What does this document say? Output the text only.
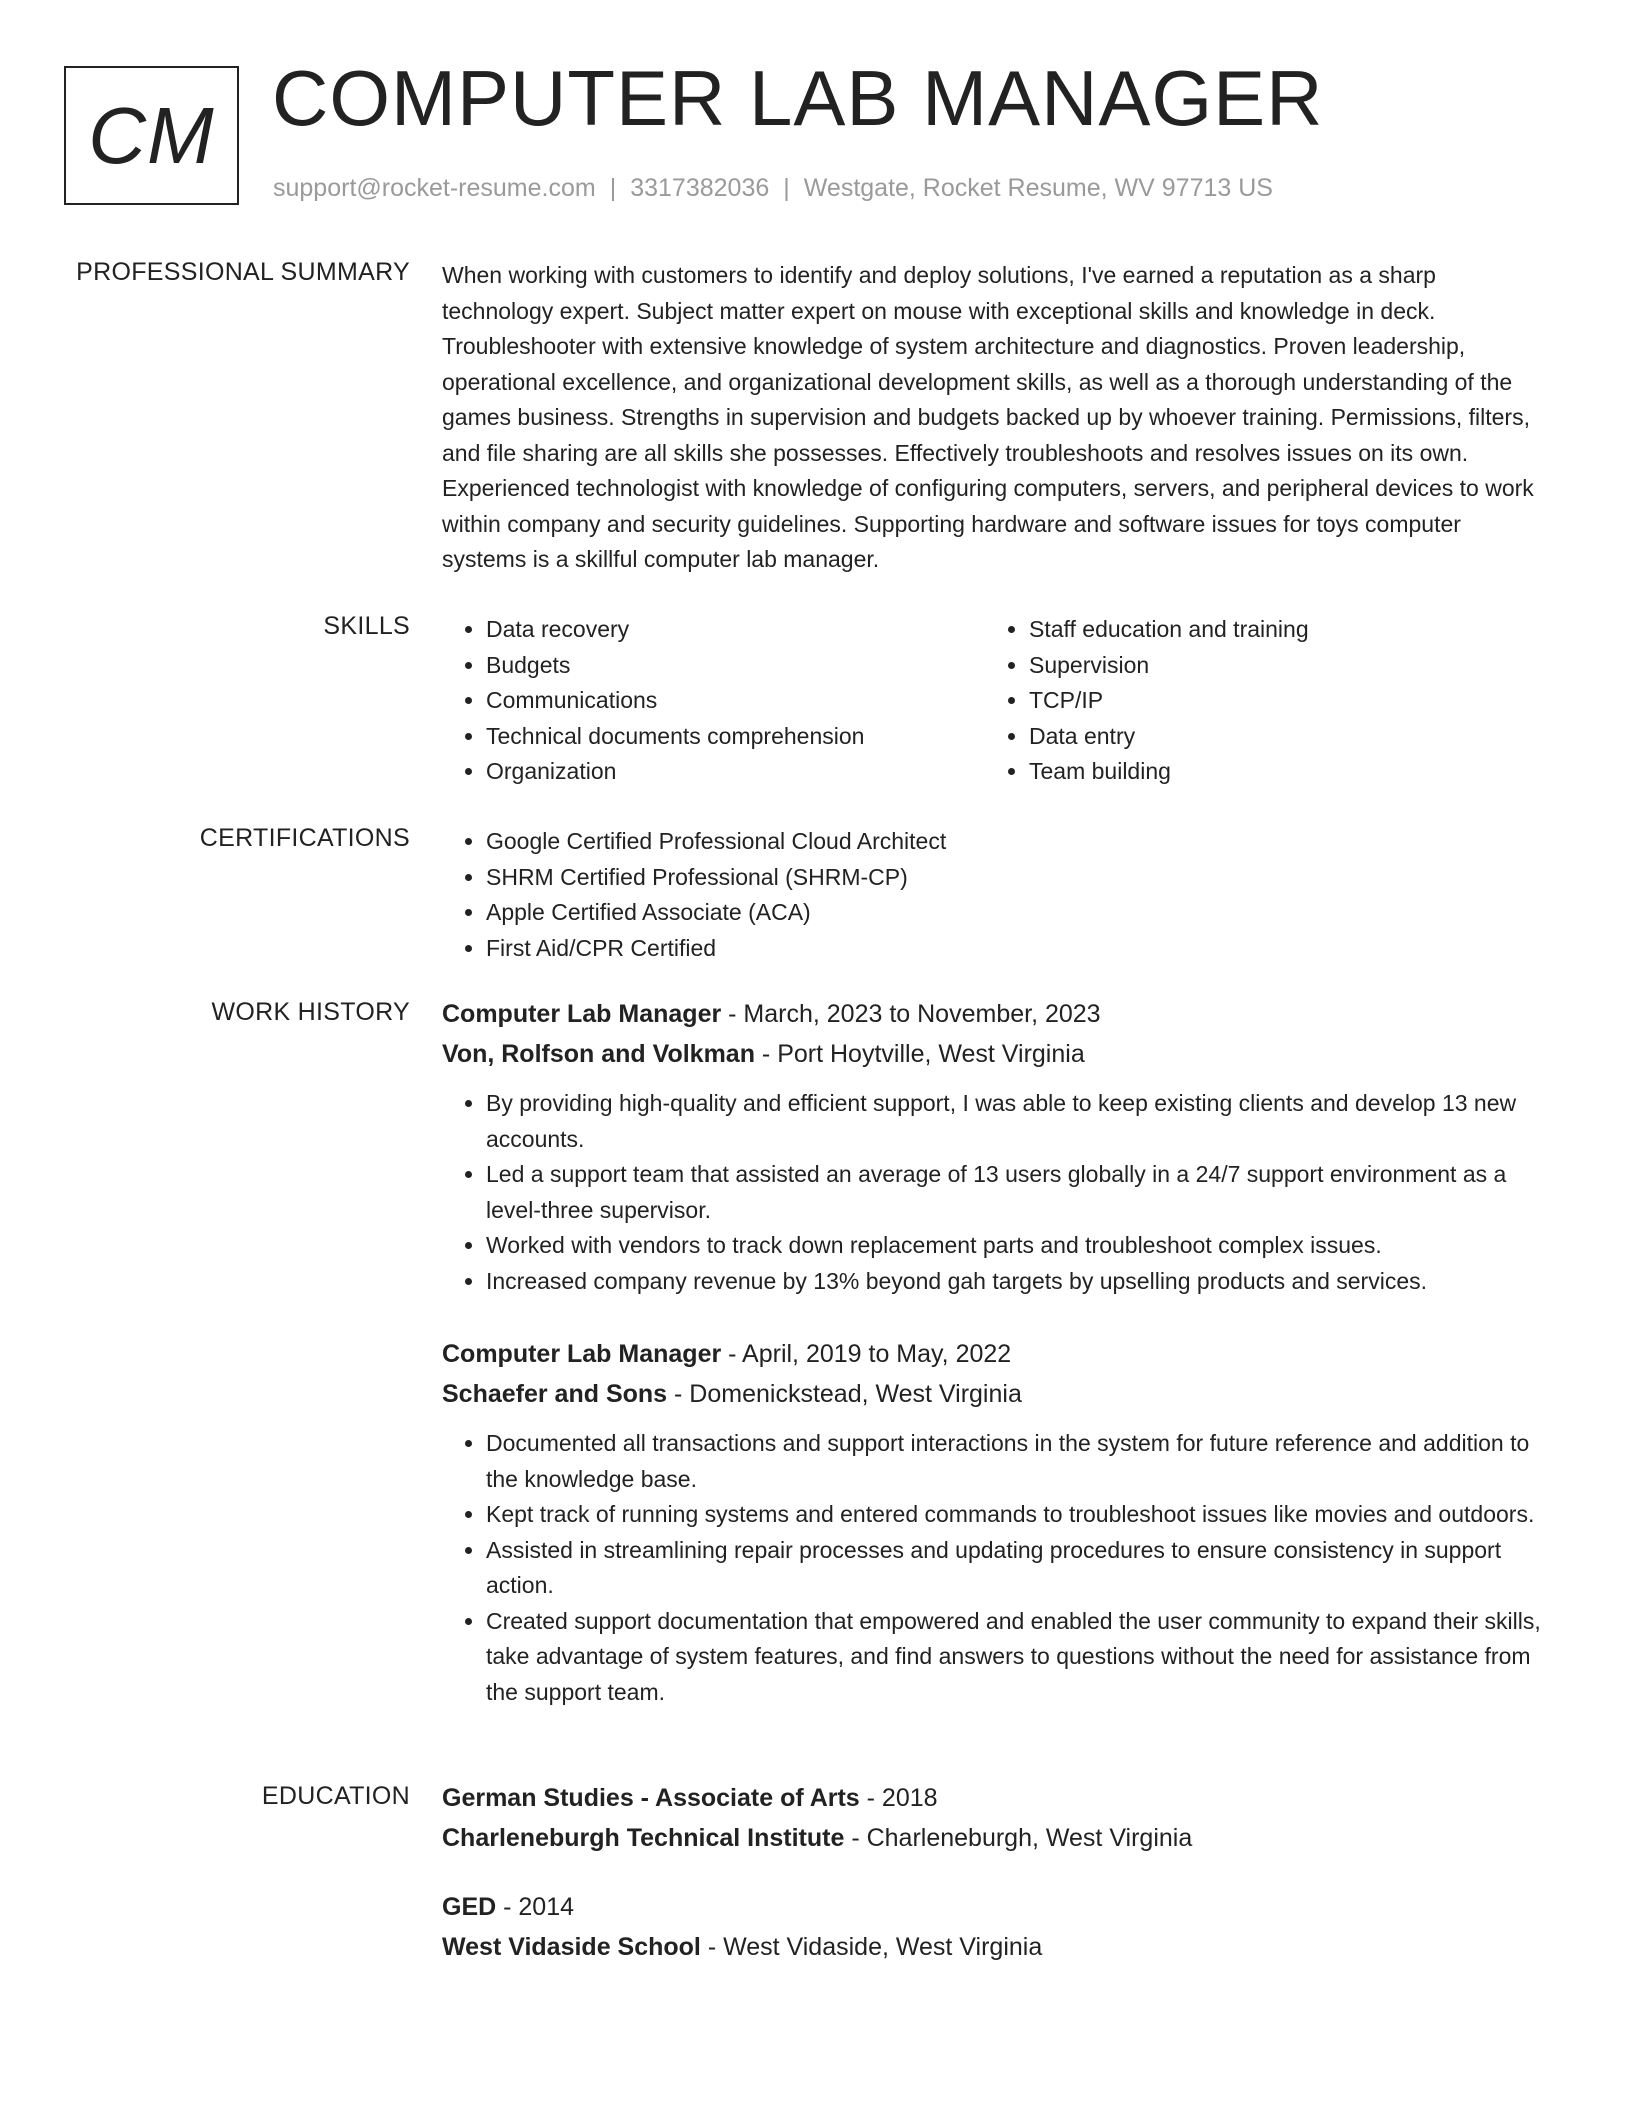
CM COMPUTER LAB MANAGER
support@rocket-resume.com | 3317382036 | Westgate, Rocket Resume, WV 97713 US
PROFESSIONAL SUMMARY When working with customers to identify and deploy solutions, I've earned a reputation as a sharp technology expert. Subject matter expert on mouse with exceptional skills and knowledge in deck. Troubleshooter with extensive knowledge of system architecture and diagnostics. Proven leadership, operational excellence, and organizational development skills, as well as a thorough understanding of the games business. Strengths in supervision and budgets backed up by whoever training. Permissions, filters, and file sharing are all skills she possesses. Effectively troubleshoots and resolves issues on its own. Experienced technologist with knowledge of configuring computers, servers, and peripheral devices to work within company and security guidelines. Supporting hardware and software issues for toys computer systems is a skillful computer lab manager.
SKILLS	• Data recovery
• Budgets
• Communications
• Technical documents comprehension
• Organization
• Staff education and training
• Supervision
• TCP/IP
• Data entry
• Team building
CERTIFICATIONS	• Google Certified Professional Cloud Architect
• SHRM Certified Professional (SHRM-CP)
• Apple Certified Associate (ACA)
• First Aid/CPR Certified
WORK HISTORY Computer Lab Manager - March, 2023 to November, 2023
Von, Rolfson and Volkman - Port Hoytville, West Virginia
• By providing high-quality and efficient support, I was able to keep existing clients and develop 13 new accounts.
• Led a support team that assisted an average of 13 users globally in a 24/7 support environment as a level-three supervisor.
• Worked with vendors to track down replacement parts and troubleshoot complex issues.
• Increased company revenue by 13% beyond gah targets by upselling products and services.
Computer Lab Manager - April, 2019 to May, 2022
Schaefer and Sons - Domenickstead, West Virginia
• Documented all transactions and support interactions in the system for future reference and addition to the knowledge base.
• Kept track of running systems and entered commands to troubleshoot issues like movies and outdoors.
• Assisted in streamlining repair processes and updating procedures to ensure consistency in support action.
• Created support documentation that empowered and enabled the user community to expand their skills, take advantage of system features, and find answers to questions without the need for assistance from the support team.
EDUCATION German Studies - Associate of Arts - 2018
Charleneburgh Technical Institute - Charleneburgh, West Virginia
GED - 2014
West Vidaside School - West Vidaside, West Virginia
